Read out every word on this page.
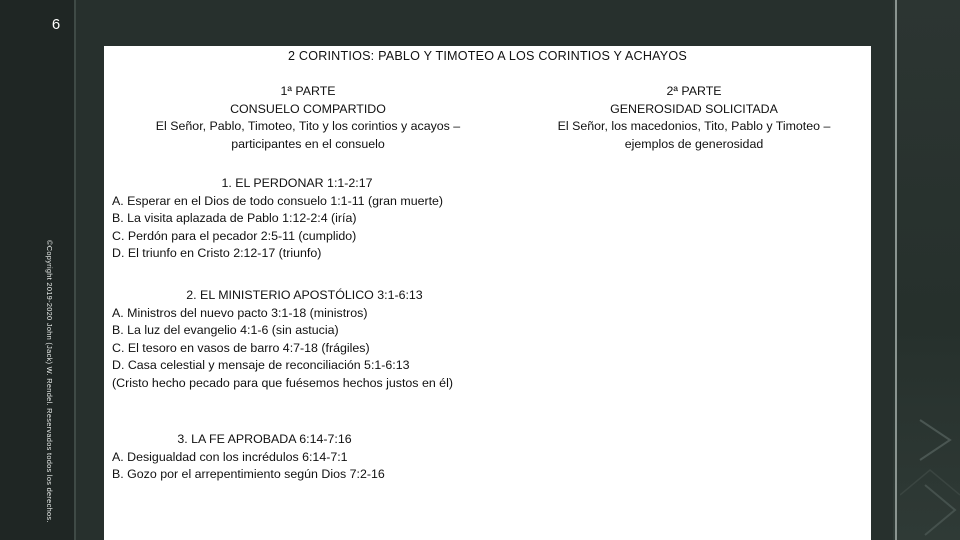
6
©Copyright 2019-2020 John (Jack) W. Rendel. Reservados todos los derechos.
2 CORINTIOS: PABLO Y TIMOTEO A LOS CORINTIOS Y ACHAYOS
1ª PARTE
CONSUELO COMPARTIDO
El Señor, Pablo, Timoteo, Tito y los corintios y acayos –
participantes en el consuelo
2ª PARTE
GENEROSIDAD SOLICITADA
El Señor, los macedonios, Tito, Pablo y Timoteo –
ejemplos de generosidad
1. EL PERDONAR 1:1-2:17
A. Esperar en el Dios de todo consuelo 1:1-11 (gran muerte)
B. La visita aplazada de Pablo 1:12-2:4 (iría)
C. Perdón para el pecador 2:5-11 (cumplido)
D. El triunfo en Cristo 2:12-17 (triunfo)
2. EL MINISTERIO APOSTÓLICO 3:1-6:13
A. Ministros del nuevo pacto 3:1-18 (ministros)
B. La luz del evangelio 4:1-6 (sin astucia)
C. El tesoro en vasos de barro 4:7-18 (frágiles)
D. Casa celestial y mensaje de reconciliación 5:1-6:13
(Cristo hecho pecado para que fuésemos hechos justos en él)
3. LA FE APROBADA 6:14-7:16
A. Desigualdad con los incrédulos 6:14-7:1
B. Gozo por el arrepentimiento según Dios 7:2-16
